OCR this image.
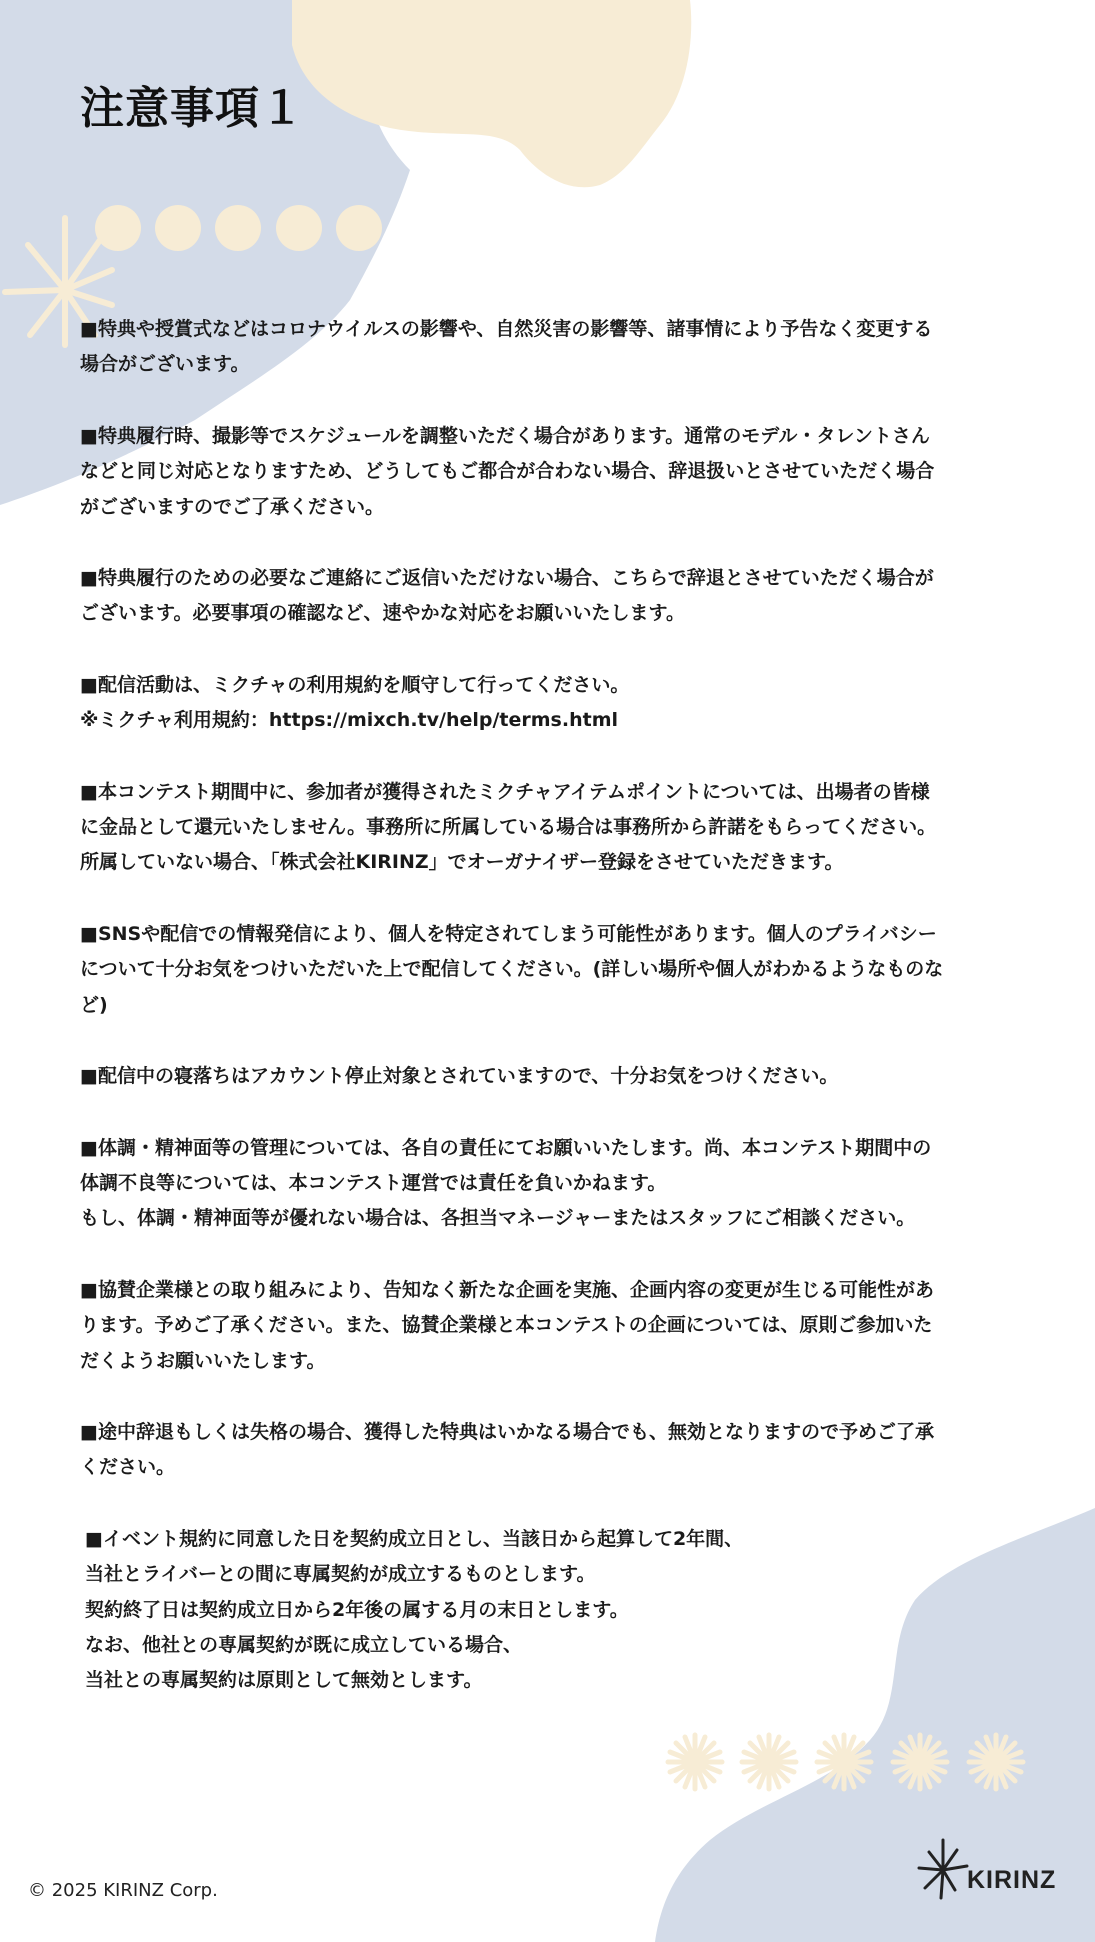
注意事項１

■特典や授賞式などはコロナウイルスの影響や、自然災害の影響等、諸事情により予告なく変更する
場合がございます。

■特典履行時、撮影等でスケジュールを調整いただく場合があります。通常のモデル・タレントさん
などと同じ対応となりますため、どうしてもご都合が合わない場合、辞退扱いとさせていただく場合
がございますのでご了承ください。

■特典履行のための必要なご連絡にご返信いただけない場合、こちらで辞退とさせていただく場合が
ございます。必要事項の確認など、速やかな対応をお願いいたします。

■配信活動は、ミクチャの利用規約を順守して行ってください。
※ミクチャ利用規約：https://mixch.tv/help/terms.html

■本コンテスト期間中に、参加者が獲得されたミクチャアイテムポイントについては、出場者の皆様
に金品として還元いたしません。事務所に所属している場合は事務所から許諾をもらってください。
所属していない場合、「株式会社KIRINZ」でオーガナイザー登録をさせていただきます。

■SNSや配信での情報発信により、個人を特定されてしまう可能性があります。個人のプライバシー
について十分お気をつけいただいた上で配信してください。(詳しい場所や個人がわかるようなものな
ど)

■配信中の寝落ちはアカウント停止対象とされていますので、十分お気をつけください。

■体調・精神面等の管理については、各自の責任にてお願いいたします。尚、本コンテスト期間中の
体調不良等については、本コンテスト運営では責任を負いかねます。
もし、体調・精神面等が優れない場合は、各担当マネージャーまたはスタッフにご相談ください。

■協賛企業様との取り組みにより、告知なく新たな企画を実施、企画内容の変更が生じる可能性があ
ります。予めご了承ください。また、協賛企業様と本コンテストの企画については、原則ご参加いた
だくようお願いいたします。

■途中辞退もしくは失格の場合、獲得した特典はいかなる場合でも、無効となりますので予めご了承
ください。

■イベント規約に同意した日を契約成立日とし、当該日から起算して2年間、
当社とライバーとの間に専属契約が成立するものとします。
契約終了日は契約成立日から2年後の属する月の末日とします。
なお、他社との専属契約が既に成立している場合、
当社との専属契約は原則として無効とします。

© 2025 KIRINZ Corp.	KIRINZ
